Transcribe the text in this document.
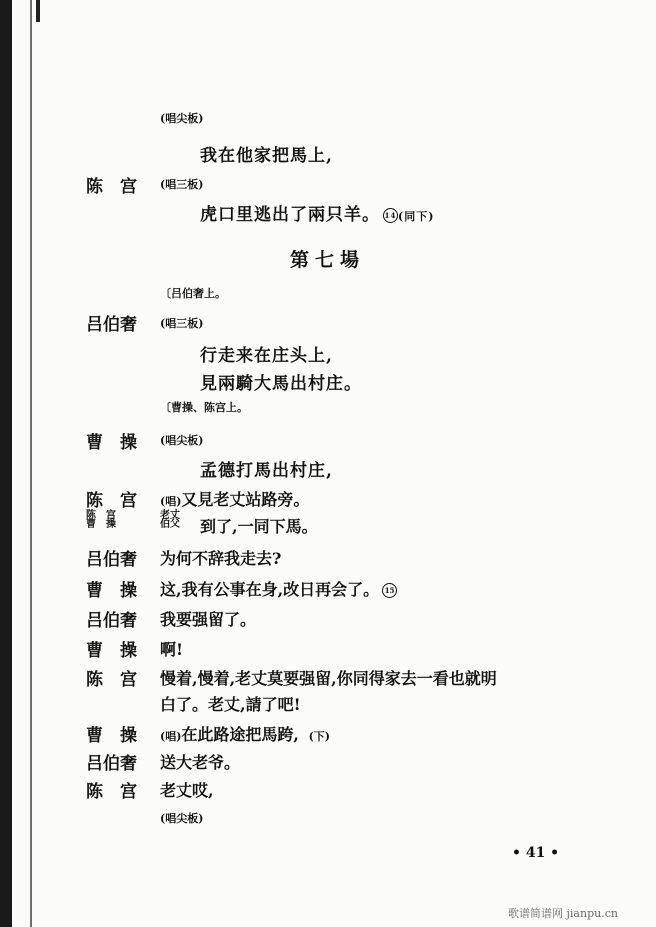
(唱尖板)
我在他家把馬上,
陈　宫 (唱三板)
虎口里逃出了兩只羊。 14 (同下)
第七場
〔吕伯奢上。
吕伯奢 (唱三板)
行走来在庄头上,
見兩騎大馬出村庄。
〔曹操、陈宫上。
曹　操 (唱尖板)
孟德打馬出村庄,
陈　宫 (唱)又見老丈站路旁。
陈　宫
曹　操
老丈
伯父 到了,一同下馬。
吕伯奢 为何不辞我走去?
曹　操 这,我有公事在身,改日再会了。 15
吕伯奢 我要强留了。
曹　操 啊!
陈　宫 慢着,慢着,老丈莫要强留,你同得家去一看也就明
白了。老丈,請了吧!
曹　操 (唱)在此路途把馬跨, (下)
吕伯奢 送大老爷。
陈　宫 老丈哎,
(唱尖板)
• 41 •
歌谱简谱网 jianpu.cn
